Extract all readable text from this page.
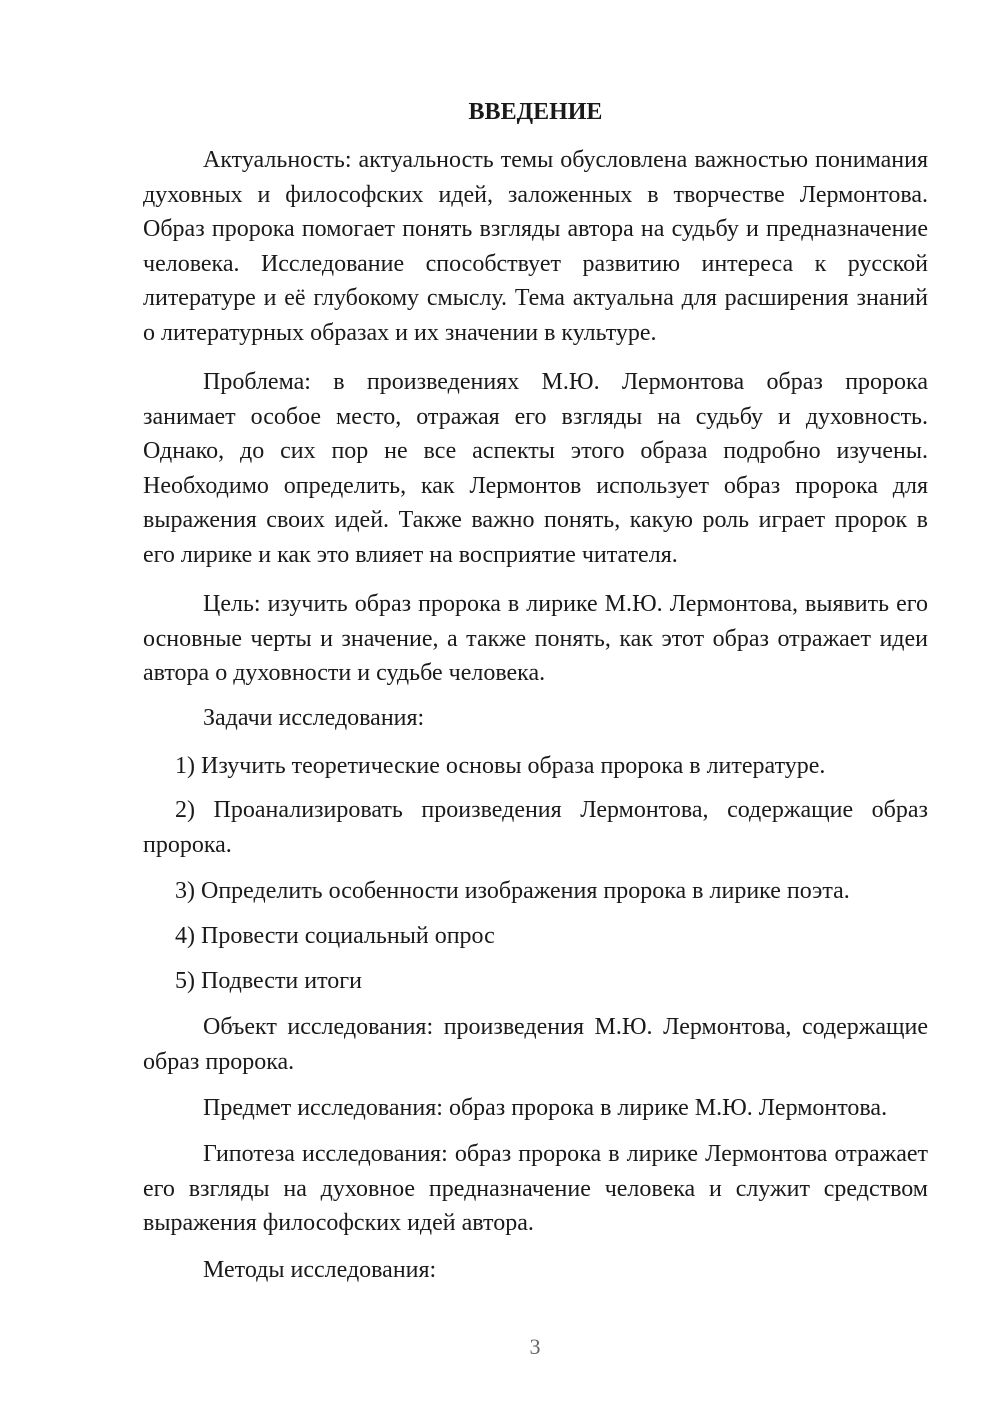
ВВЕДЕНИЕ

Актуальность: актуальность темы обусловлена важностью понимания духовных и философских идей, заложенных в творчестве Лермонтова. Образ пророка помогает понять взгляды автора на судьбу и предназначение человека. Исследование способствует развитию интереса к русской литературе и её глубокому смыслу. Тема актуальна для расширения знаний о литературных образах и их значении в культуре.

Проблема: в произведениях М.Ю. Лермонтова образ пророка занимает особое место, отражая его взгляды на судьбу и духовность. Однако, до сих пор не все аспекты этого образа подробно изучены. Необходимо определить, как Лермонтов использует образ пророка для выражения своих идей. Также важно понять, какую роль играет пророк в его лирике и как это влияет на восприятие читателя.

Цель: изучить образ пророка в лирике М.Ю. Лермонтова, выявить его основные черты и значение, а также понять, как этот образ отражает идеи автора о духовности и судьбе человека.

Задачи исследования:

1) Изучить теоретические основы образа пророка в литературе.

2) Проанализировать произведения Лермонтова, содержащие образ пророка.

3) Определить особенности изображения пророка в лирике поэта.

4) Провести социальный опрос

5) Подвести итоги

Объект исследования: произведения М.Ю. Лермонтова, содержащие образ пророка.

Предмет исследования: образ пророка в лирике М.Ю. Лермонтова.

Гипотеза исследования: образ пророка в лирике Лермонтова отражает его взгляды на духовное предназначение человека и служит средством выражения философских идей автора.

Методы исследования:

3
